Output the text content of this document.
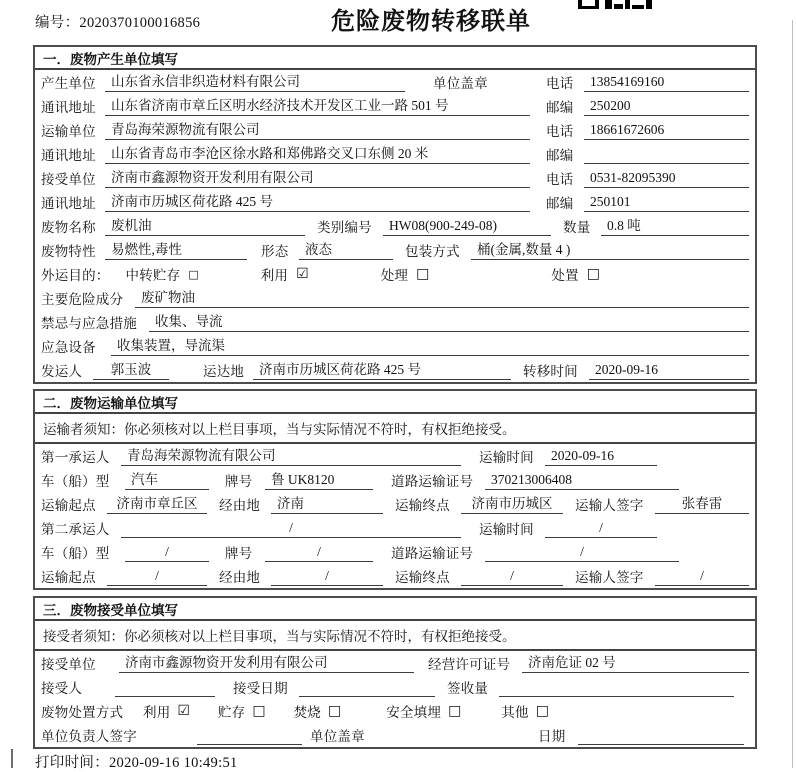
编号：2020370100016856	危险废物转移联单
一．废物产生单位填写
产生单位	山东省永信非织造材料有限公司	单位盖章	电话	13854169160
通讯地址	山东省济南市章丘区明水经济技术开发区工业一路 501 号	邮编	250200
运输单位	青岛海荣源物流有限公司	电话	18661672606
通讯地址	山东省青岛市李沧区徐水路和郑佛路交叉口东侧 20 米	邮编
接受单位	济南市鑫源物资开发利用有限公司	电话	0531-82095390
通讯地址	济南市历城区荷花路 425 号	邮编	250101
废物名称	废机油	类别编号	HW08(900-249-08)	数量	0.8 吨
废物特性	易燃性,毒性	形态	液态	包装方式	桶(金属,数量 4 )
外运目的： 中转贮存 □	利用 ☑	处理 □	处置 □
主要危险成分	废矿物油
禁忌与应急措施	收集、导流
应急设备	收集装置，导流渠
发运人	郭玉波	运达地	济南市历城区荷花路 425 号	转移时间	2020-09-16
二．废物运输单位填写
运输者须知：你必须核对以上栏目事项，当与实际情况不符时，有权拒绝接受。
第一承运人	青岛海荣源物流有限公司	运输时间	2020-09-16
车（船）型	汽车	牌号	鲁 UK8120	道路运输证号	370213006408
运输起点	济南市章丘区	经由地	济南	运输终点	济南市历城区	运输人签字	张春雷
第二承运人	/	运输时间	/
车（船）型	/	牌号	/	道路运输证号	/
运输起点	/	经由地	/	运输终点	/	运输人签字	/
三．废物接受单位填写
接受者须知：你必须核对以上栏目事项，当与实际情况不符时，有权拒绝接受。
接受单位	济南市鑫源物资开发利用有限公司	经营许可证号	济南危证 02 号
接受人	接受日期	签收量
废物处置方式 利用 ☑ 贮存 □ 焚烧 □	安全填埋 □	其他 □
单位负责人签字	单位盖章	日期
打印时间：2020-09-16 10:49:51
